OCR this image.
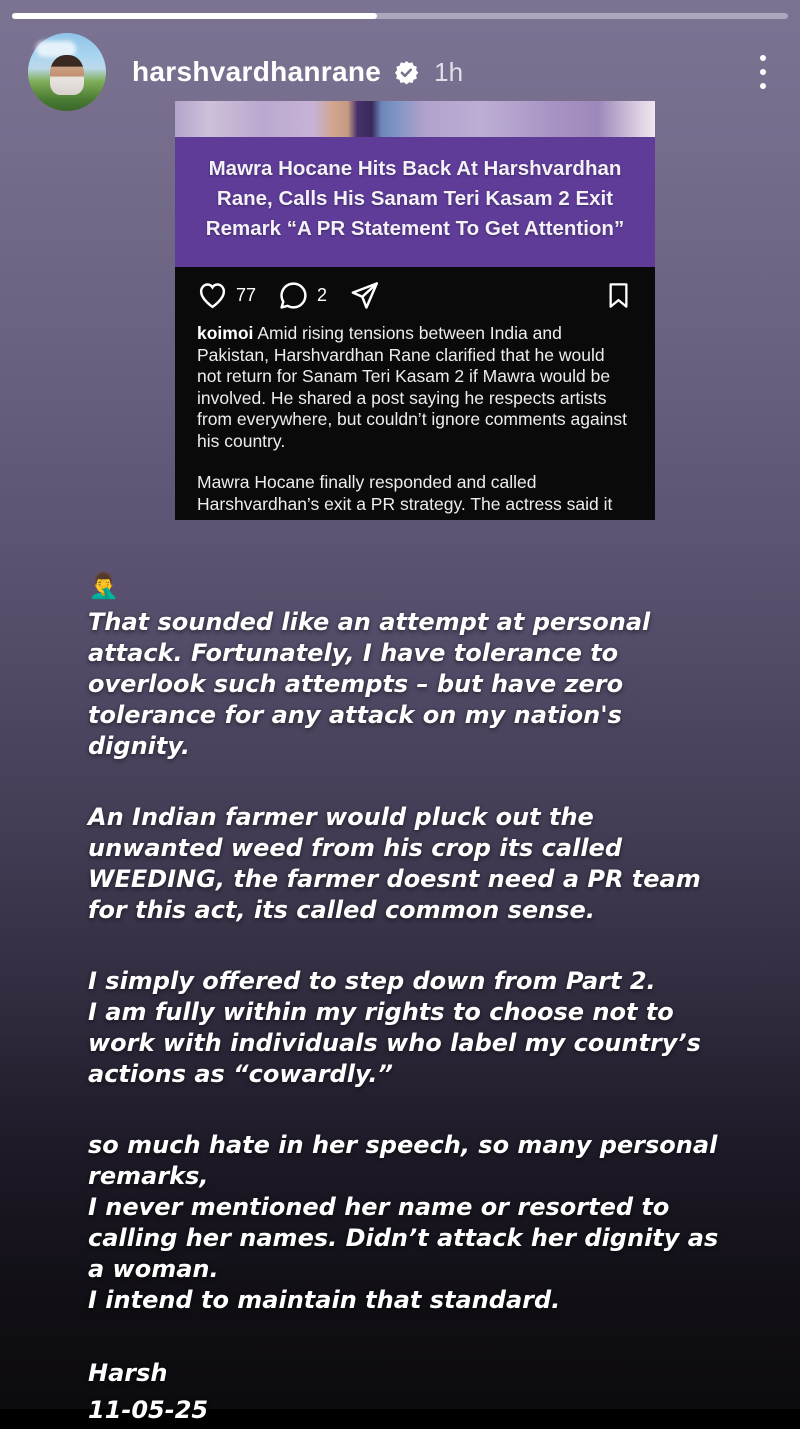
harshvardhanrane 1h
Mawra Hocane Hits Back At Harshvardhan Rane, Calls His Sanam Teri Kasam 2 Exit Remark “A PR Statement To Get Attention”
77	2
koimoi Amid rising tensions between India and Pakistan, Harshvardhan Rane clarified that he would not return for Sanam Teri Kasam 2 if Mawra would be involved. He shared a post saying he respects artists from everywhere, but couldn’t ignore comments against his country.
Mawra Hocane finally responded and called Harshvardhan’s exit a PR strategy. The actress said it
🤦‍♂️

That sounded like an attempt at personal attack. Fortunately, I have tolerance to overlook such attempts – but have zero tolerance for any attack on my nation's dignity.

An Indian farmer would pluck out the unwanted weed from his crop its called WEEDING, the farmer doesnt need a PR team for this act, its called common sense.

I simply offered to step down from Part 2.
I am fully within my rights to choose not to work with individuals who label my country’s actions as “cowardly.”

so much hate in her speech, so many personal remarks,
I never mentioned her name or resorted to calling her names. Didn’t attack her dignity as a woman.
I intend to maintain that standard.

Harsh
11-05-25
